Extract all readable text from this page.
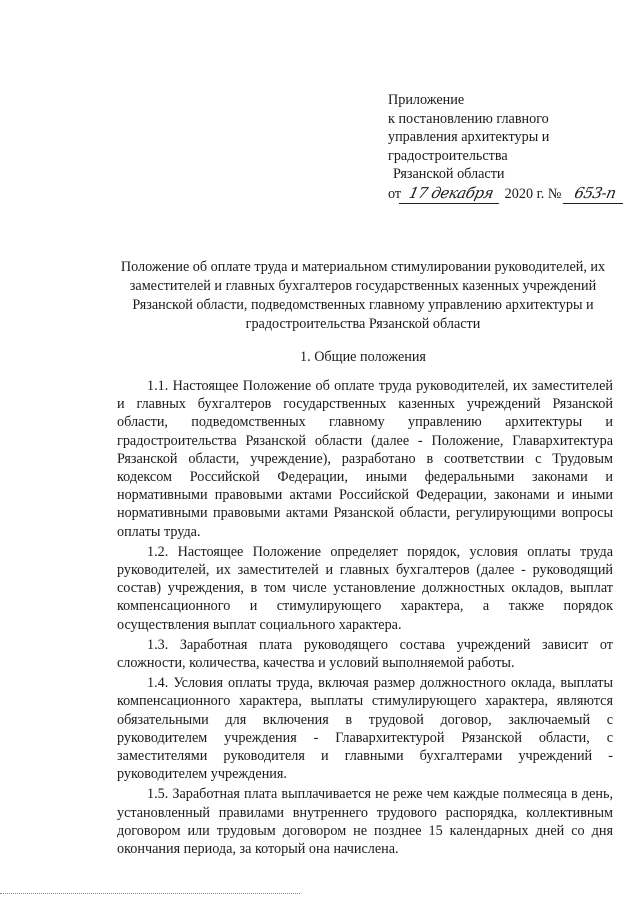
Приложение
к постановлению главного
управления архитектуры и
градостроительства
Рязанской области
от 17 декабря 2020 г. № 653-п
Положение об оплате труда и материальном стимулировании руководителей, их заместителей и главных бухгалтеров государственных казенных учреждений Рязанской области, подведомственных главному управлению архитектуры и градостроительства Рязанской области
1. Общие положения

1.1. Настоящее Положение об оплате труда руководителей, их заместителей и главных бухгалтеров государственных казенных учреждений Рязанской области, подведомственных главному управлению архитектуры и градостроительства Рязанской области (далее - Положение, Главархитектура Рязанской области, учреждение), разработано в соответствии с Трудовым кодексом Российской Федерации, иными федеральными законами и нормативными правовыми актами Российской Федерации, законами и иными нормативными правовыми актами Рязанской области, регулирующими вопросы оплаты труда.

1.2. Настоящее Положение определяет порядок, условия оплаты труда руководителей, их заместителей и главных бухгалтеров (далее - руководящий состав) учреждения, в том числе установление должностных окладов, выплат компенсационного и стимулирующего характера, а также порядок осуществления выплат социального характера.

1.3. Заработная плата руководящего состава учреждений зависит от сложности, количества, качества и условий выполняемой работы.

1.4. Условия оплаты труда, включая размер должностного оклада, выплаты компенсационного характера, выплаты стимулирующего характера, являются обязательными для включения в трудовой договор, заключаемый с руководителем учреждения - Главархитектурой Рязанской области, с заместителями руководителя и главными бухгалтерами учреждений - руководителем учреждения.

1.5. Заработная плата выплачивается не реже чем каждые полмесяца в день, установленный правилами внутреннего трудового распорядка, коллективным договором или трудовым договором не позднее 15 календарных дней со дня окончания периода, за который она начислена.
